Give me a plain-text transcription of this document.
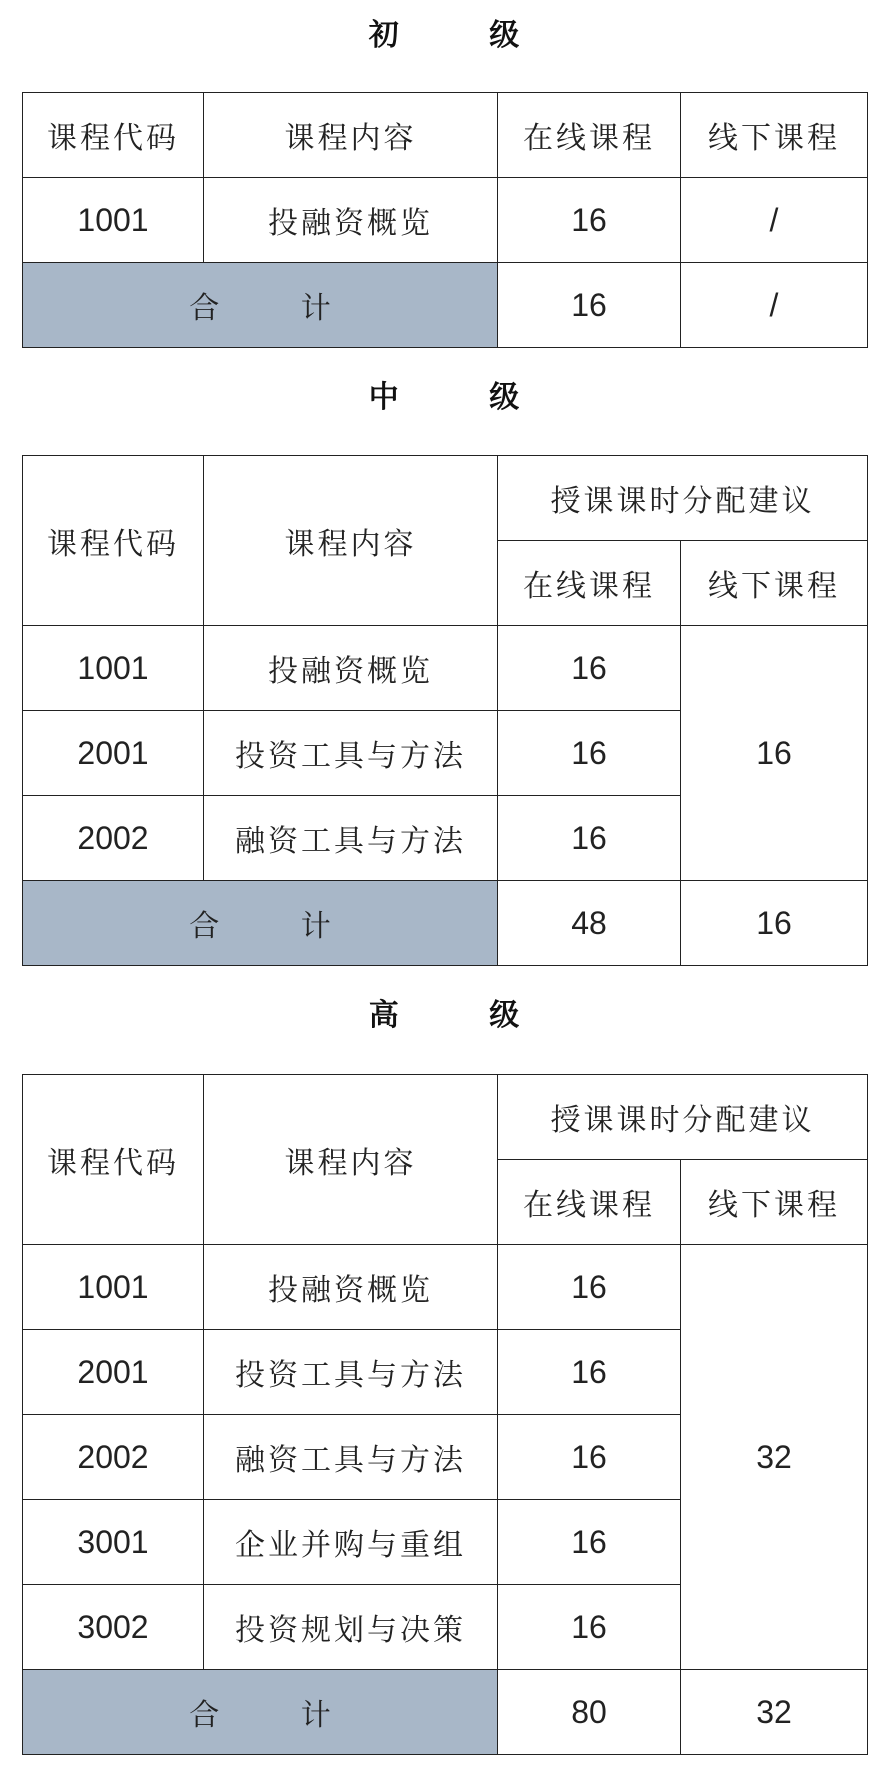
初 级
课程代码	课程内容	在线课程	线下课程
1001	投融资概览	16	/
合 计		16	/
中 级
课程代码	课程内容	授课课时分配建议	
		在线课程	线下课程
1001	投融资概览	16	16
2001	投资工具与方法	16	
2002	融资工具与方法	16	
合 计		48	16
高 级
课程代码	课程内容	授课课时分配建议	
		在线课程	线下课程
1001	投融资概览	16	32
2001	投资工具与方法	16	
2002	融资工具与方法	16	
3001	企业并购与重组	16	
3002	投资规划与决策	16	
合 计		80	32
